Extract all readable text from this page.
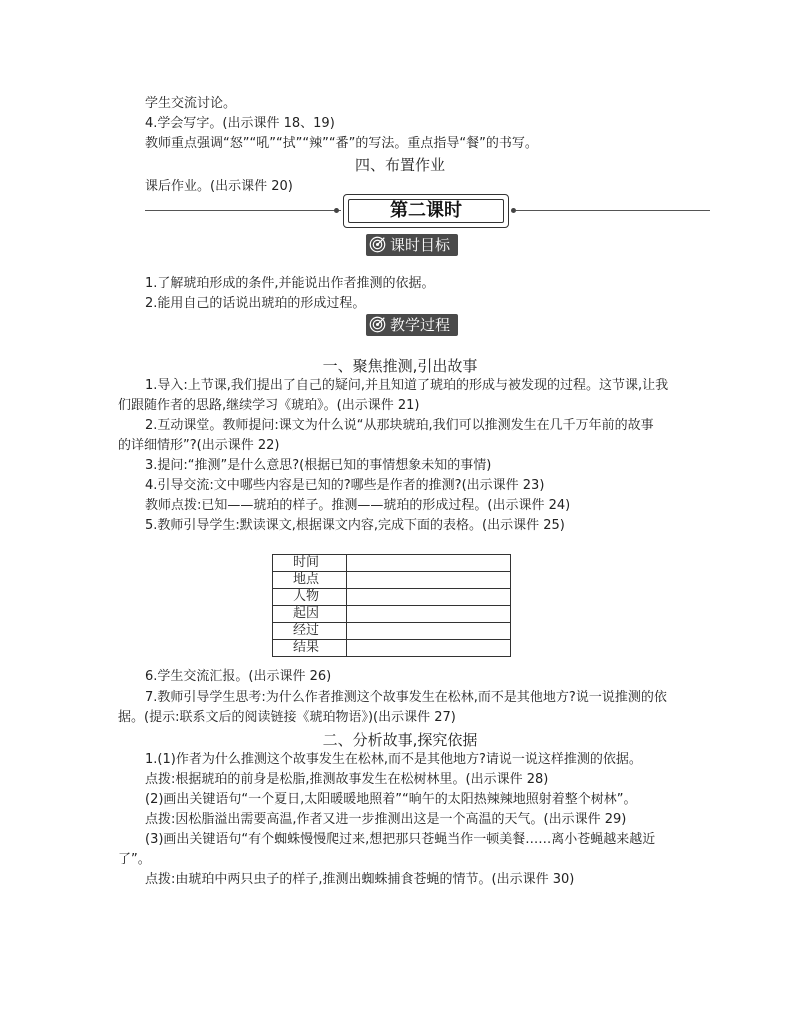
学生交流讨论。
4.学会写字。(出示课件 18、19)
教师重点强调“怒”“吼”“拭”“辣”“番”的写法。重点指导“餐”的书写。
四、布置作业
课后作业。(出示课件 20)
第二课时
课时目标
1.了解琥珀形成的条件,并能说出作者推测的依据。
2.能用自己的话说出琥珀的形成过程。
教学过程
一、聚焦推测,引出故事
1.导入:上节课,我们提出了自己的疑问,并且知道了琥珀的形成与被发现的过程。这节课,让我
们跟随作者的思路,继续学习《琥珀》。(出示课件 21)
2.互动课堂。教师提问:课文为什么说“从那块琥珀,我们可以推测发生在几千万年前的故事
的详细情形”?(出示课件 22)
3.提问:“推测”是什么意思?(根据已知的事情想象未知的事情)
4.引导交流:文中哪些内容是已知的?哪些是作者的推测?(出示课件 23)
教师点拨:已知——琥珀的样子。推测——琥珀的形成过程。(出示课件 24)
5.教师引导学生:默读课文,根据课文内容,完成下面的表格。(出示课件 25)
时间	
地点	
人物	
起因	
经过	
结果	
6.学生交流汇报。(出示课件 26)
7.教师引导学生思考:为什么作者推测这个故事发生在松林,而不是其他地方?说一说推测的依
据。(提示:联系文后的阅读链接《琥珀物语》)(出示课件 27)
二、分析故事,探究依据
1.(1)作者为什么推测这个故事发生在松林,而不是其他地方?请说一说这样推测的依据。
点拨:根据琥珀的前身是松脂,推测故事发生在松树林里。(出示课件 28)
(2)画出关键语句“一个夏日,太阳暖暖地照着”“晌午的太阳热辣辣地照射着整个树林”。
点拨:因松脂溢出需要高温,作者又进一步推测出这是一个高温的天气。(出示课件 29)
(3)画出关键语句“有个蜘蛛慢慢爬过来,想把那只苍蝇当作一顿美餐……离小苍蝇越来越近
了”。
点拨:由琥珀中两只虫子的样子,推测出蜘蛛捕食苍蝇的情节。(出示课件 30)
